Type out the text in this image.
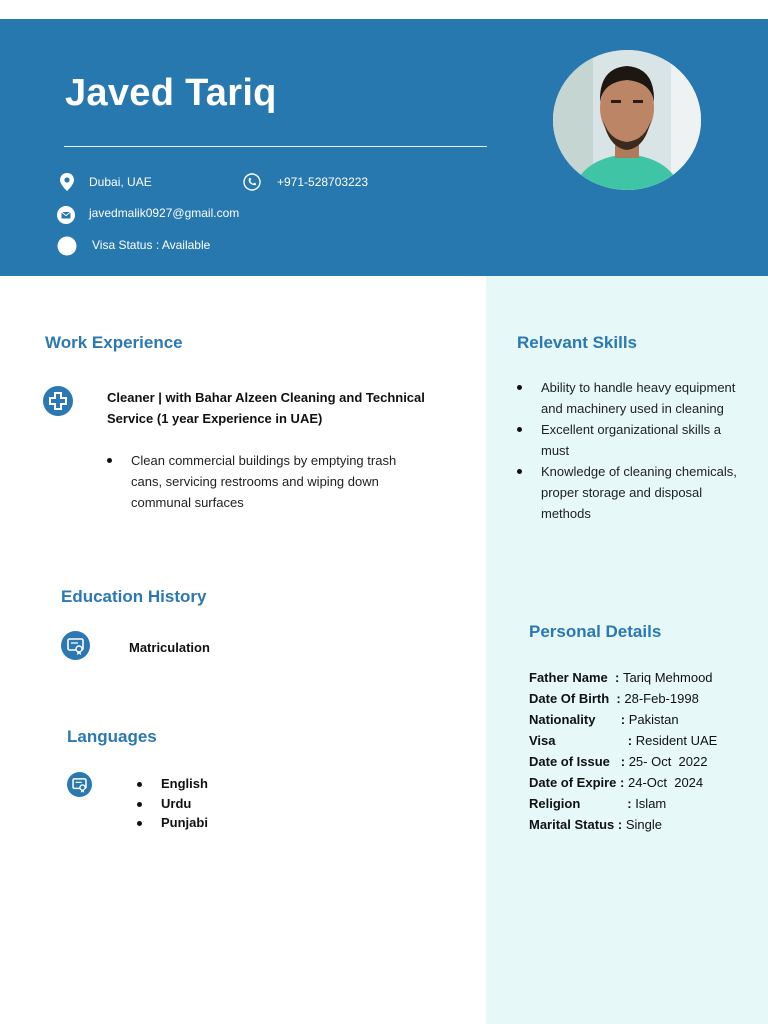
Javed Tariq
Dubai, UAE	+971-528703223
javedmalik0927@gmail.com
Visa Status : Available
Work Experience
Cleaner | with Bahar Alzeen Cleaning and Technical Service (1 year Experience in UAE)
Clean commercial buildings by emptying trash cans, servicing restrooms and wiping down communal surfaces
Education History
Matriculation
Languages
English
Urdu
Punjabi
Relevant Skills
Ability to handle heavy equipment and machinery used in cleaning
Excellent organizational skills a must
Knowledge of cleaning chemicals, proper storage and disposal methods
Personal Details
Father Name : Tariq Mehmood
Date Of Birth : 28-Feb-1998
Nationality : Pakistan
Visa : Resident UAE
Date of Issue : 25- Oct  2022
Date of Expire : 24-Oct  2024
Religion : Islam
Marital Status : Single
